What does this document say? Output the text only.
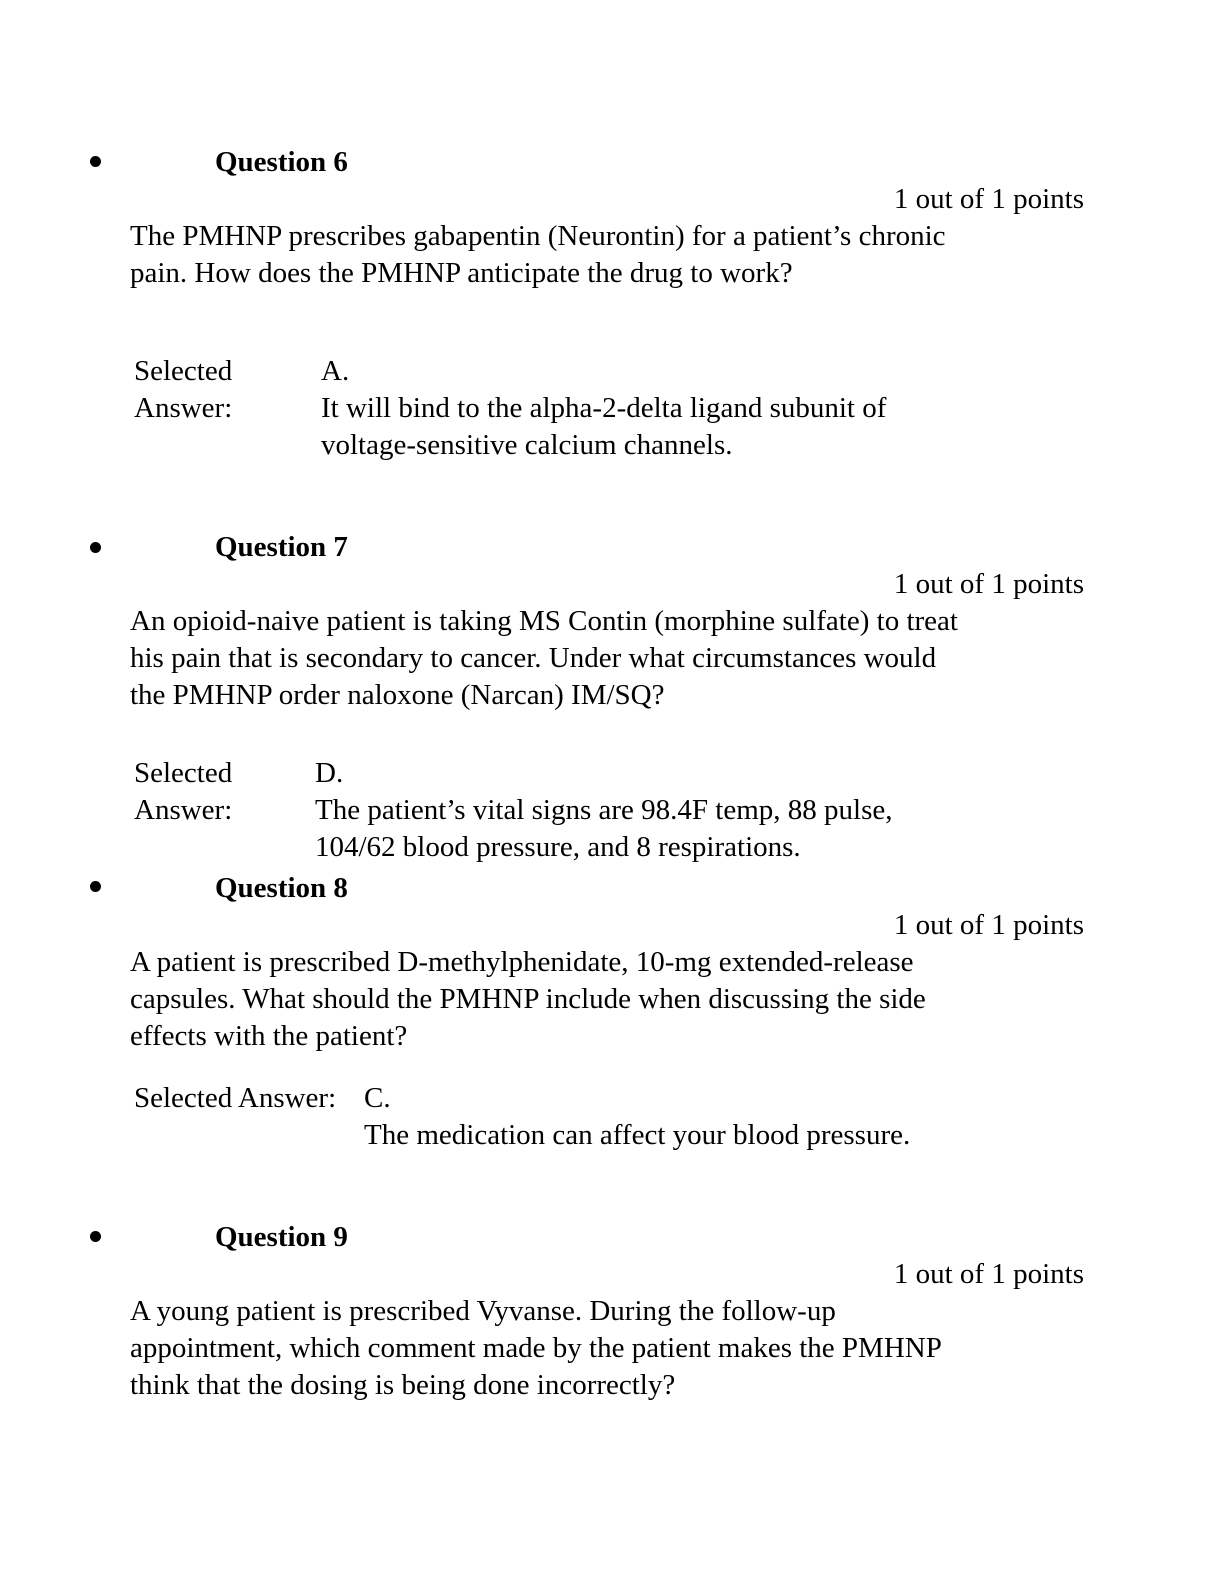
Question 6
1 out of 1 points
The PMHNP prescribes gabapentin (Neurontin) for a patient’s chronic
pain. How does the PMHNP anticipate the drug to work?
Selected
Answer:
A.
It will bind to the alpha-2-delta ligand subunit of
voltage-sensitive calcium channels.
Question 7
1 out of 1 points
An opioid-naive patient is taking MS Contin (morphine sulfate) to treat
his pain that is secondary to cancer. Under what circumstances would
the PMHNP order naloxone (Narcan) IM/SQ?
Selected
Answer:
D.
The patient’s vital signs are 98.4F temp, 88 pulse,
104/62 blood pressure, and 8 respirations.
Question 8
1 out of 1 points
A patient is prescribed D-methylphenidate, 10-mg extended-release
capsules. What should the PMHNP include when discussing the side
effects with the patient?
Selected Answer: C.
The medication can affect your blood pressure.
Question 9
1 out of 1 points
A young patient is prescribed Vyvanse. During the follow-up
appointment, which comment made by the patient makes the PMHNP
think that the dosing is being done incorrectly?
